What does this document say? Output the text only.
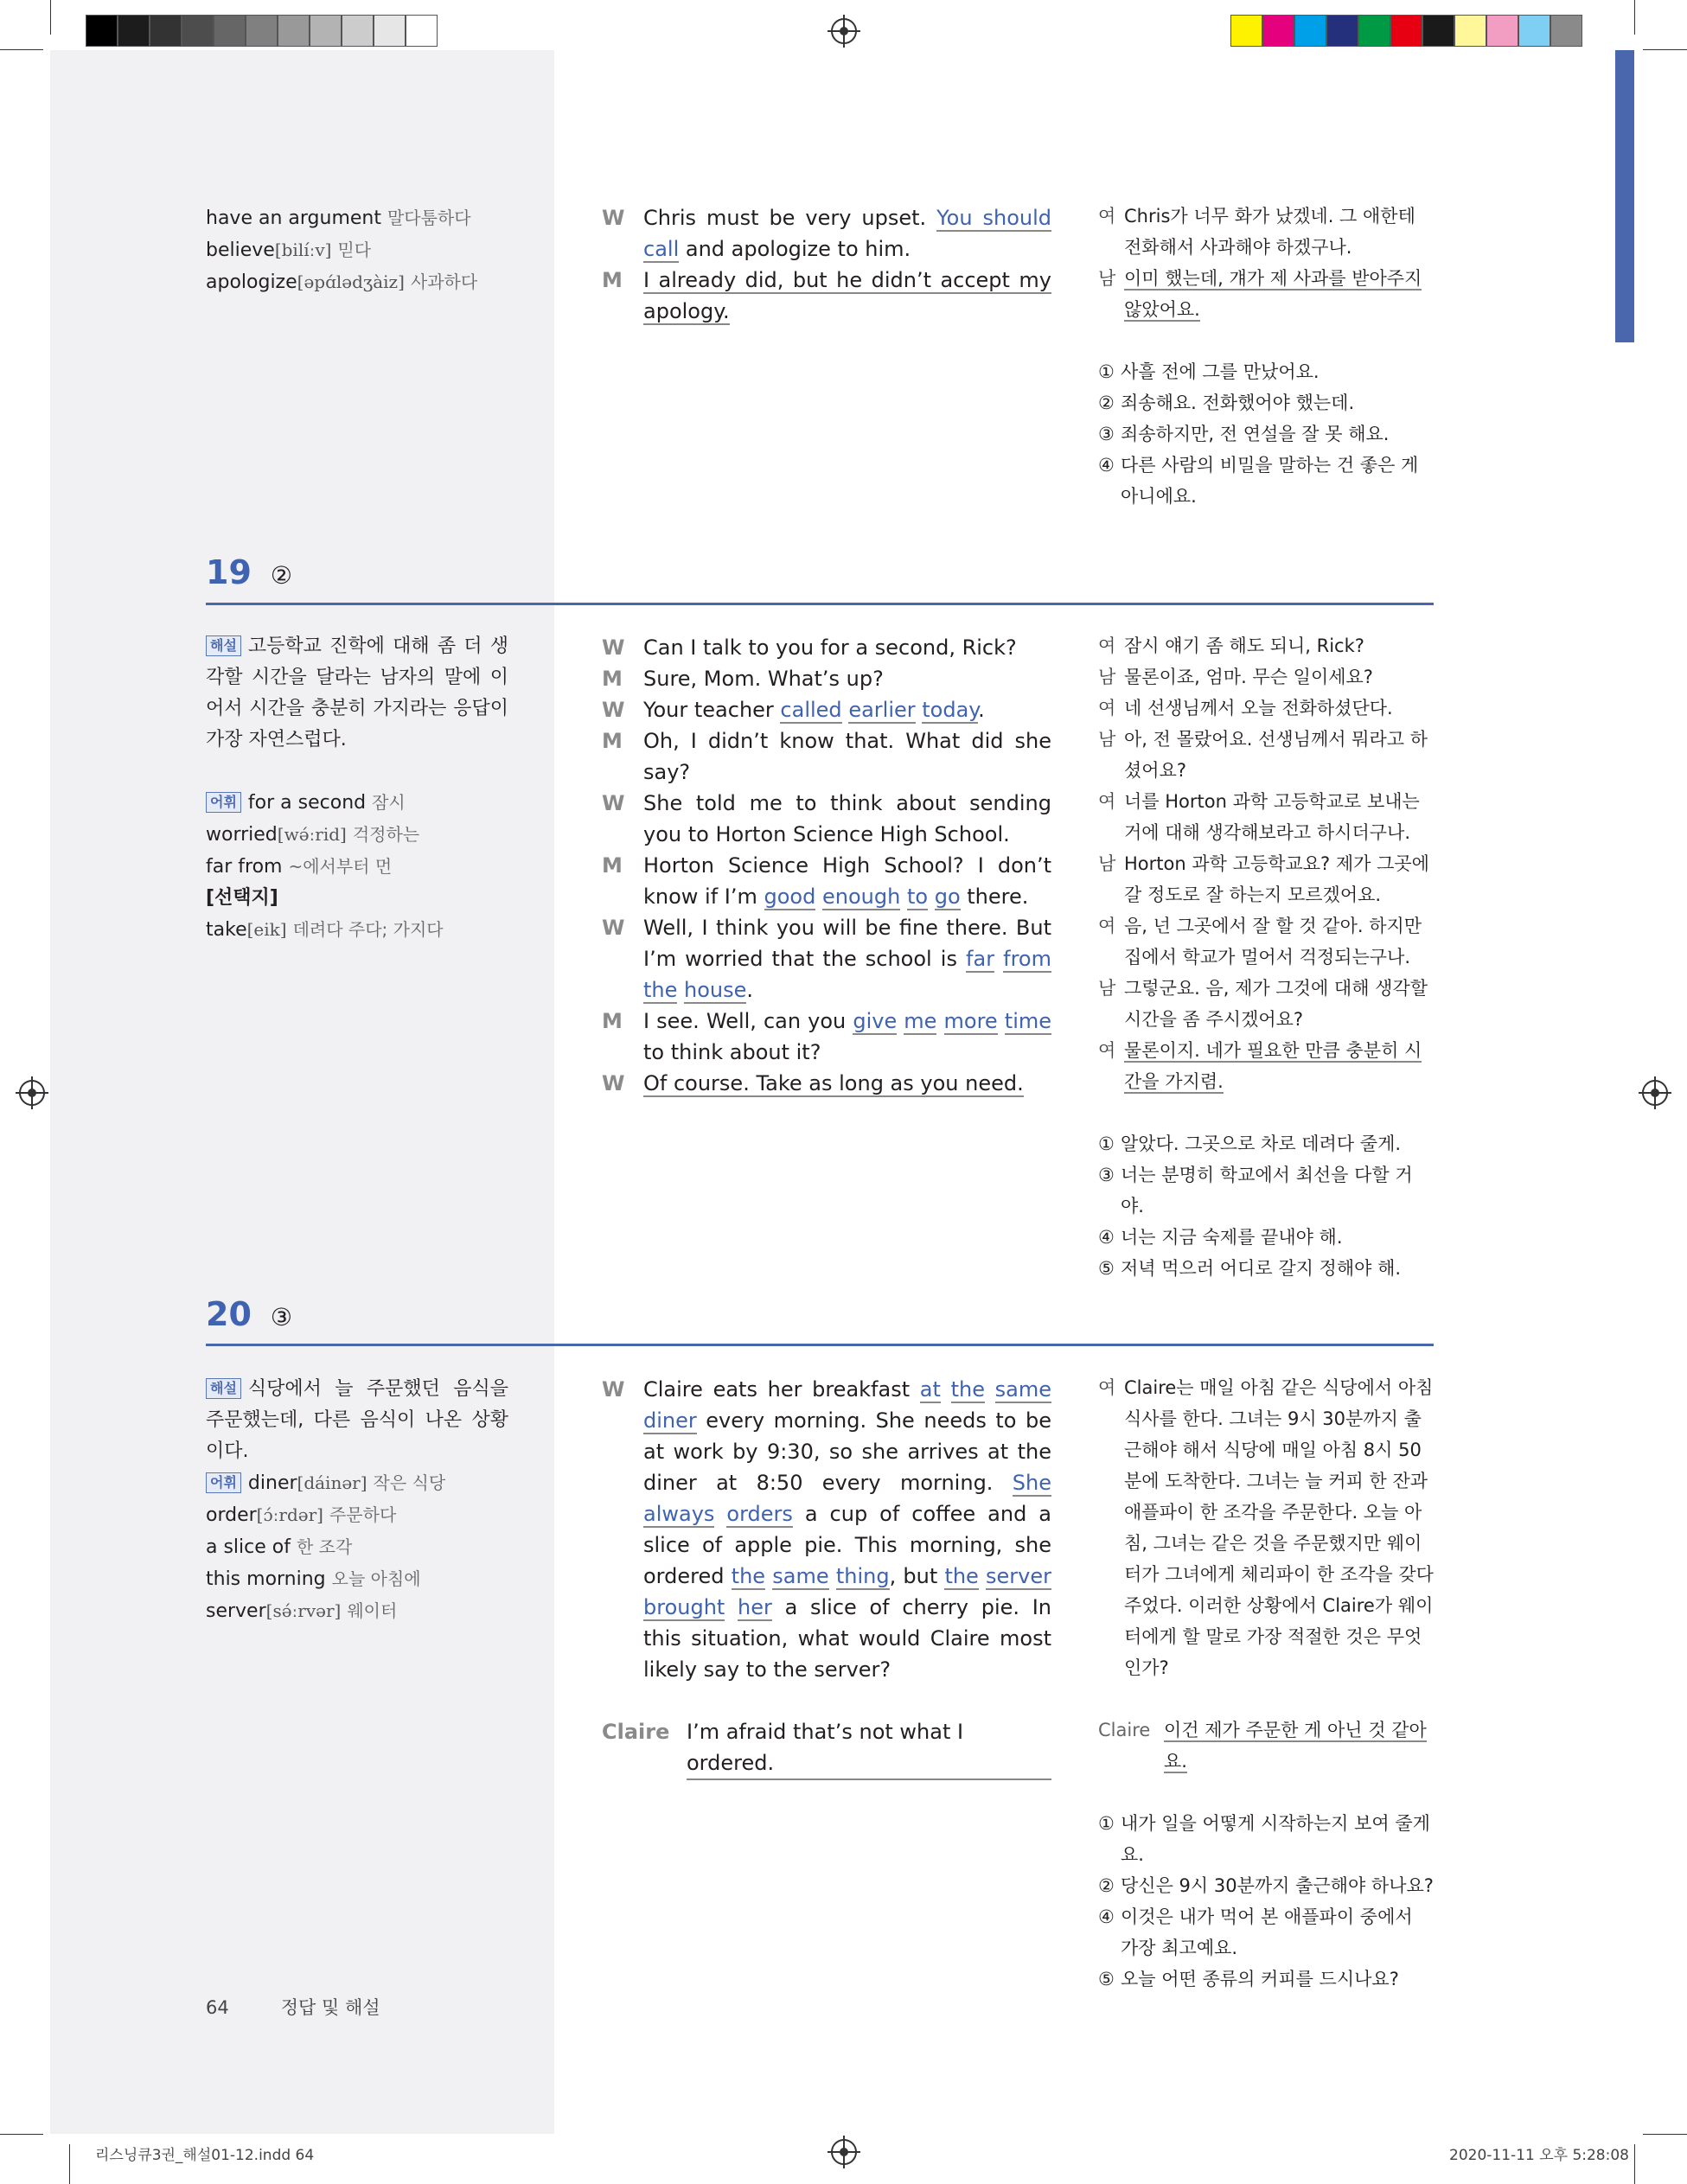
have an argument 말다툼하다
believe[bilíːv] 믿다
apologize[əpɑ́lədʒàiz] 사과하다
W Chris must be very upset. You should call and apologize to him.
M	I already did, but he didn’t accept my apology.
여 Chris가 너무 화가 났겠네. 그 애한테 전화해서 사과해야 하겠구나.
남 이미 했는데, 걔가 제 사과를 받아주지 않았어요.
① 사흘 전에 그를 만났어요.
② 죄송해요. 전화했어야 했는데.
③ 죄송하지만, 전 연설을 잘 못 해요.
④ 다른 사람의 비밀을 말하는 건 좋은 게 아니에요.
19 ②
해설 고등학교 진학에 대해 좀 더 생각할 시간을 달라는 남자의 말에 이어서 시간을 충분히 가지라는 응답이 가장 자연스럽다.
어휘 for a second 잠시
worried[wə́ːrid] 걱정하는
far from ~에서부터 먼
[선택지]
take[eik] 데려다 주다; 가지다
W Can I talk to you for a second, Rick?
M	Sure, Mom. What’s up?
W Your teacher called earlier today.
M	Oh, I didn’t know that. What did she say?
W She told me to think about sending you to Horton Science High School.
M	Horton Science High School? I don’t know if I’m good enough to go there.
W Well, I think you will be fine there. But I’m worried that the school is far from the house.
M	I see. Well, can you give me more time to think about it?
W Of course. Take as long as you need.
여 잠시 얘기 좀 해도 되니, Rick?
남 물론이죠, 엄마. 무슨 일이세요?
여 네 선생님께서 오늘 전화하셨단다.
남 아, 전 몰랐어요. 선생님께서 뭐라고 하셨어요?
여 너를 Horton 과학 고등학교로 보내는 거에 대해 생각해보라고 하시더구나.
남 Horton 과학 고등학교요? 제가 그곳에 갈 정도로 잘 하는지 모르겠어요.
여 음, 넌 그곳에서 잘 할 것 같아. 하지만 집에서 학교가 멀어서 걱정되는구나.
남 그렇군요. 음, 제가 그것에 대해 생각할 시간을 좀 주시겠어요?
여 물론이지. 네가 필요한 만큼 충분히 시간을 가지렴.
① 알았다. 그곳으로 차로 데려다 줄게.
③ 너는 분명히 학교에서 최선을 다할 거야.
④ 너는 지금 숙제를 끝내야 해.
⑤ 저녁 먹으러 어디로 갈지 정해야 해.
20 ③
해설 식당에서 늘 주문했던 음식을 주문했는데, 다른 음식이 나온 상황이다.
어휘 diner[dáinər] 작은 식당
order[ɔ́ːrdər] 주문하다
a slice of 한 조각
this morning 오늘 아침에
server[sə́ːrvər] 웨이터
W Claire eats her breakfast at the same diner every morning. She needs to be at work by 9:30, so she arrives at the diner at 8:50 every morning. She always orders a cup of coffee and a slice of apple pie. This morning, she ordered the same thing, but the server brought her a slice of cherry pie. In this situation, what would Claire most likely say to the server?
Claire I’m afraid that’s not what I ordered.
여 Claire는 매일 아침 같은 식당에서 아침 식사를 한다. 그녀는 9시 30분까지 출근해야 해서 식당에 매일 아침 8시 50분에 도착한다. 그녀는 늘 커피 한 잔과 애플파이 한 조각을 주문한다. 오늘 아침, 그녀는 같은 것을 주문했지만 웨이터가 그녀에게 체리파이 한 조각을 갖다 주었다. 이러한 상황에서 Claire가 웨이터에게 할 말로 가장 적절한 것은 무엇인가?
Claire 이건 제가 주문한 게 아닌 것 같아요.
① 내가 일을 어떻게 시작하는지 보여 줄게요.
② 당신은 9시 30분까지 출근해야 하나요?
④ 이것은 내가 먹어 본 애플파이 중에서 가장 최고예요.
⑤ 오늘 어떤 종류의 커피를 드시나요?
64	정답 및 해설
리스닝큐3권_해설01-12.indd 64	2020-11-11 오후 5:28:08
